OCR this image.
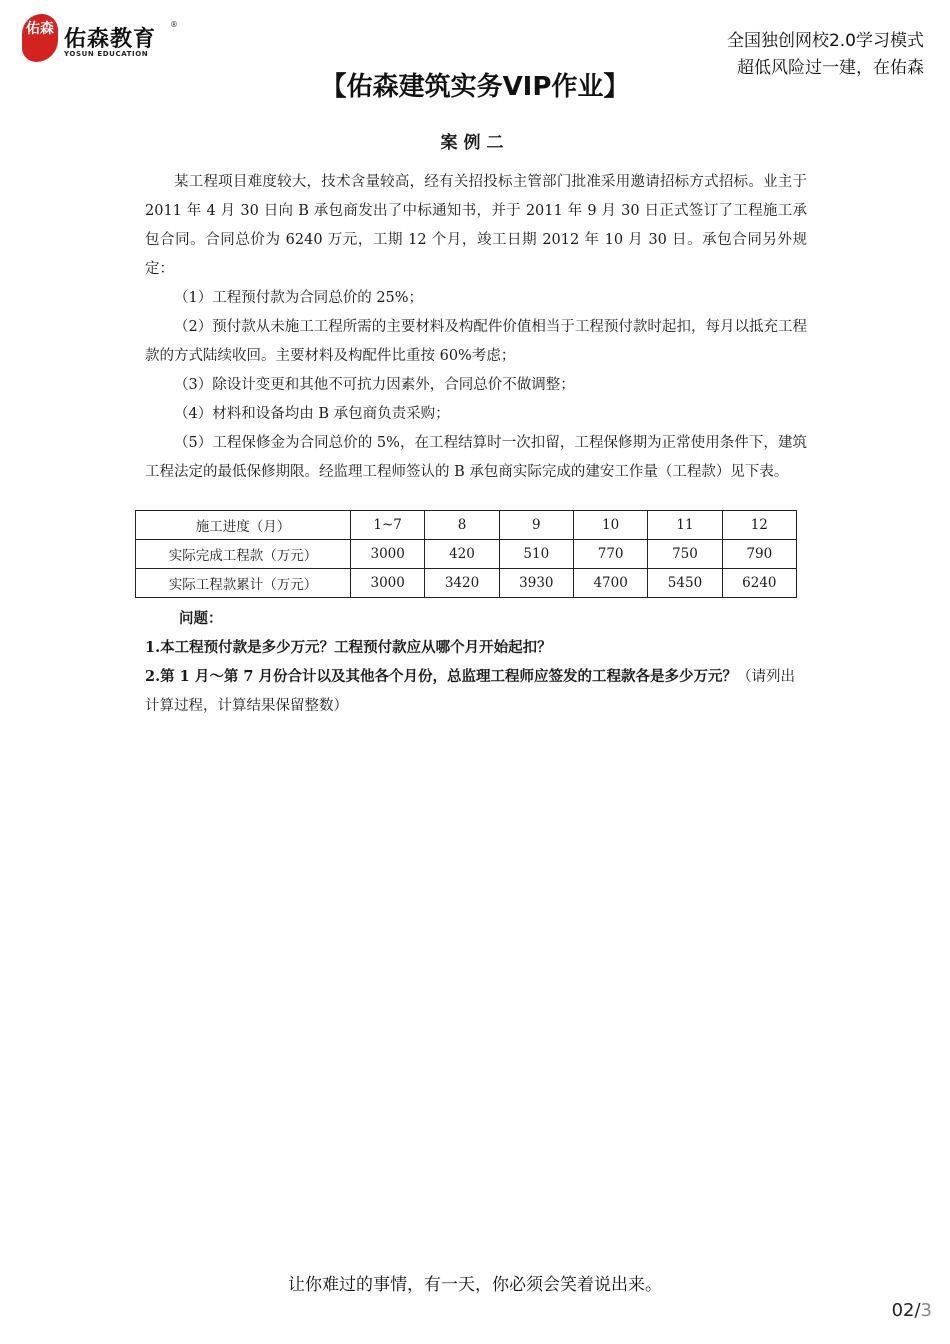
佑森 佑森教育
®
YOSUN EDUCATION
全国独创网校2.0学习模式
超低风险过一建，在佑森
【佑森建筑实务VIP作业】
案例二

某工程项目难度较大，技术含量较高，经有关招投标主管部门批准采用邀请招标方式招标。业主于 2011 年 4 月 30 日向 B 承包商发出了中标通知书，并于 2011 年 9 月 30 日正式签订了工程施工承包合同。合同总价为 6240 万元，工期 12 个月，竣工日期 2012 年 10 月 30 日。承包合同另外规定：

（1）工程预付款为合同总价的 25%；

（2）预付款从未施工工程所需的主要材料及构配件价值相当于工程预付款时起扣，每月以抵充工程款的方式陆续收回。主要材料及构配件比重按 60%考虑；

（3）除设计变更和其他不可抗力因素外，合同总价不做调整；

（4）材料和设备均由 B 承包商负责采购；

（5）工程保修金为合同总价的 5%，在工程结算时一次扣留，工程保修期为正常使用条件下，建筑工程法定的最低保修期限。经监理工程师签认的 B 承包商实际完成的建安工作量（工程款）见下表。

施工进度（月）	1~7	8	9	10	11	12
实际完成工程款（万元）	3000	420	510	770	750	790
实际工程款累计（万元）	3000	3420	3930	4700	5450	6240

问题：

1.本工程预付款是多少万元？工程预付款应从哪个月开始起扣？

2.第 1 月～第 7 月份合计以及其他各个月份，总监理工程师应签发的工程款各是多少万元？（请列出计算过程，计算结果保留整数）

让你难过的事情，有一天，你必须会笑着说出来。
02/3
